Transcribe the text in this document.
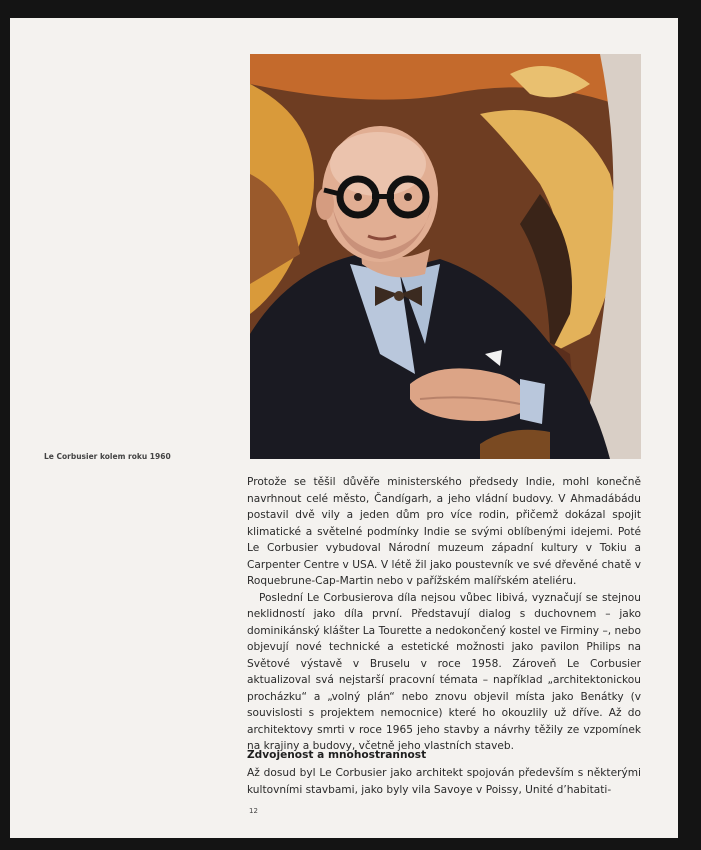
Le Corbusier kolem roku 1960

Protože se těšil důvěře ministerského předsedy Indie, mohl konečně navrhnout celé město, Čandígarh, a jeho vládní budovy. V Ahmadábádu postavil dvě vily a jeden dům pro více rodin, přičemž dokázal spojit klimatické a světelné podmínky Indie se svými oblíbenými idejemi. Poté Le Corbusier vybudoval Národní muzeum západní kultury v Tokiu a Carpenter Centre v USA. V létě žil jako poustevník ve své dřevěné chatě v Roquebrune-Cap-Martin nebo v pařížském malířském ateliéru.

Poslední Le Corbusierova díla nejsou vůbec libivá, vyznačují se stejnou neklidností jako díla první. Představují dialog s duchovnem – jako dominikánský klášter La Tourette a nedokončený kostel ve Firminy –, nebo objevují nové technické a estetické možnosti jako pavilon Philips na Světové výstavě v Bruselu v roce 1958. Zároveň Le Corbusier aktualizoval svá nejstarší pracovní témata – například „architektonickou procházku“ a „volný plán“ nebo znovu objevil místa jako Benátky (v souvislosti s projektem nemocnice) které ho okouzlily už dříve. Až do architektovy smrti v roce 1965 jeho stavby a návrhy těžily ze vzpomínek na krajiny a budovy, včetně jeho vlastních staveb.

Zdvojenost a mnohostrannost
Až dosud byl Le Corbusier jako architekt spojován především s některými kultovními stavbami, jako byly vila Savoye v Poissy, Unité d’habitati-
12
